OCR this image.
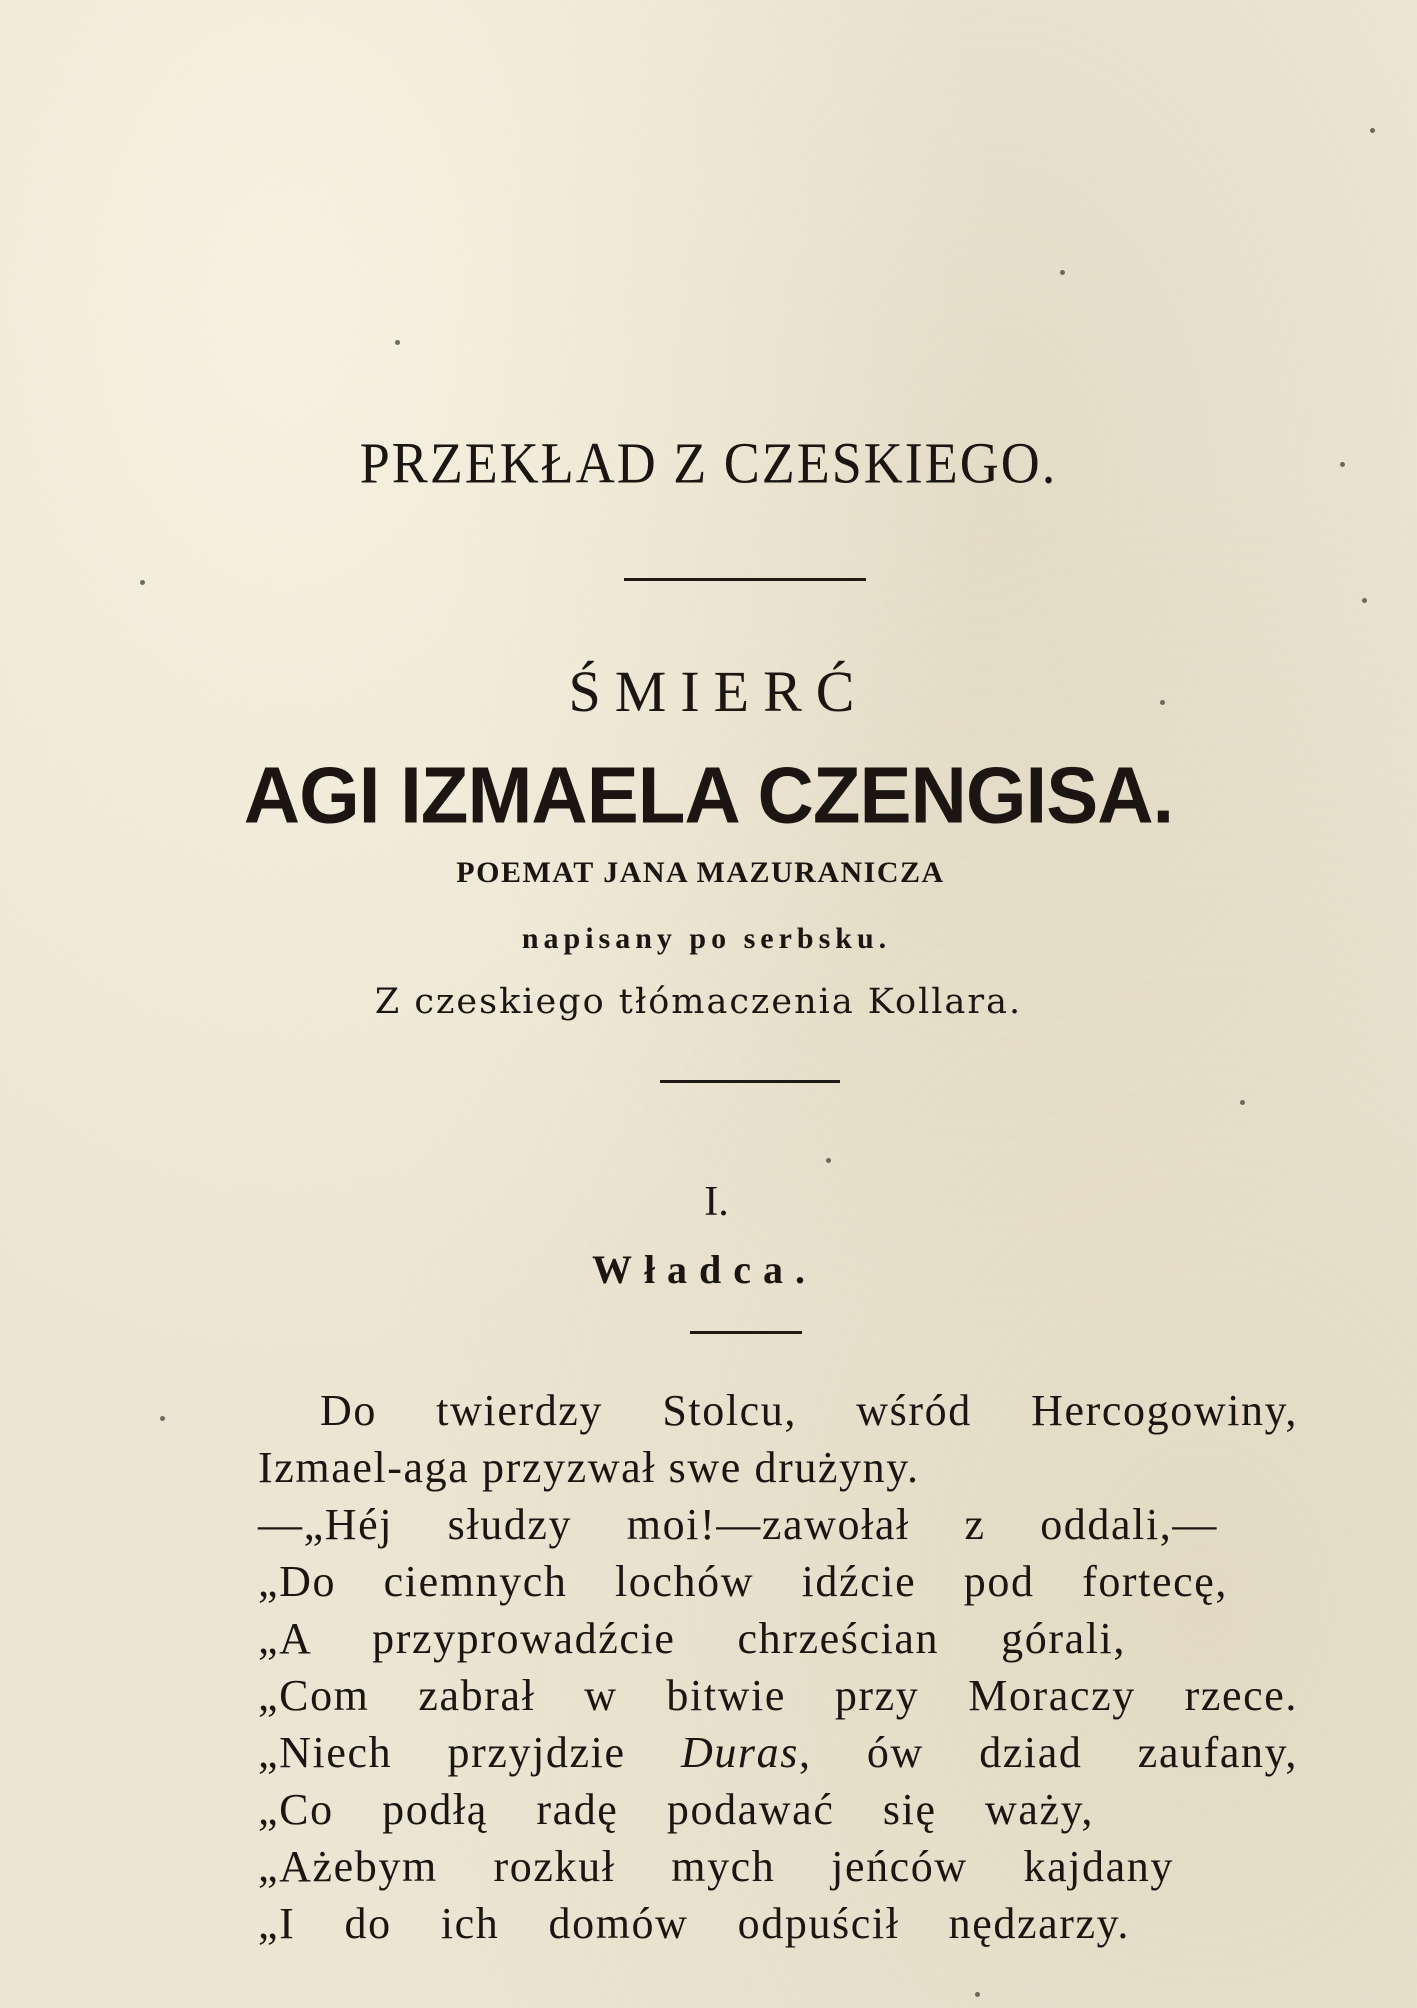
PRZEKŁAD Z CZESKIEGO.
ŚMIERĆ
AGI IZMAELA CZENGISA.
POEMAT JANA MAZURANICZA
napisany po serbsku.
Z czeskiego tłómaczenia Kollara.
I.
Władca.
Do twierdzy Stolcu, wśród Hercogowiny,
Izmael-aga przyzwał swe drużyny.
—„Héj słudzy moi!—zawołał z oddali,—
„Do ciemnych lochów idźcie pod fortecę,
„A przyprowadźcie chrześcian górali,
„Com zabrał w bitwie przy Moraczy rzece.
„Niech przyjdzie Duras, ów dziad zaufany,
„Co podłą radę podawać się waży,
„Ażebym rozkuł mych jeńców kajdany
„I do ich domów odpuścił nędzarzy.
